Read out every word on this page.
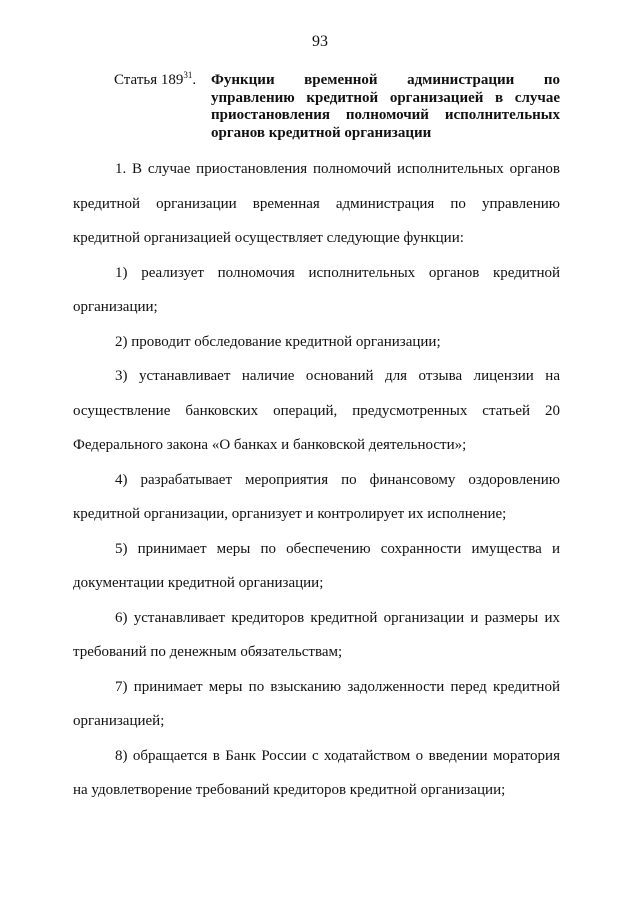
93
Статья $189^{31}$. Функции временной администрации по управлению кредитной организацией в случае приостановления полномочий исполнительных органов кредитной организации

1. В случае приостановления полномочий исполнительных органов кредитной организации временная администрация по управлению кредитной организацией осуществляет следующие функции:

1) реализует полномочия исполнительных органов кредитной организации;

2) проводит обследование кредитной организации;

3) устанавливает наличие оснований для отзыва лицензии на осуществление банковских операций, предусмотренных статьей 20 Федерального закона «О банках и банковской деятельности»;

4) разрабатывает мероприятия по финансовому оздоровлению кредитной организации, организует и контролирует их исполнение;

5) принимает меры по обеспечению сохранности имущества и документации кредитной организации;

6) устанавливает кредиторов кредитной организации и размеры их требований по денежным обязательствам;

7) принимает меры по взысканию задолженности перед кредитной организацией;

8) обращается в Банк России с ходатайством о введении моратория на удовлетворение требований кредиторов кредитной организации;
